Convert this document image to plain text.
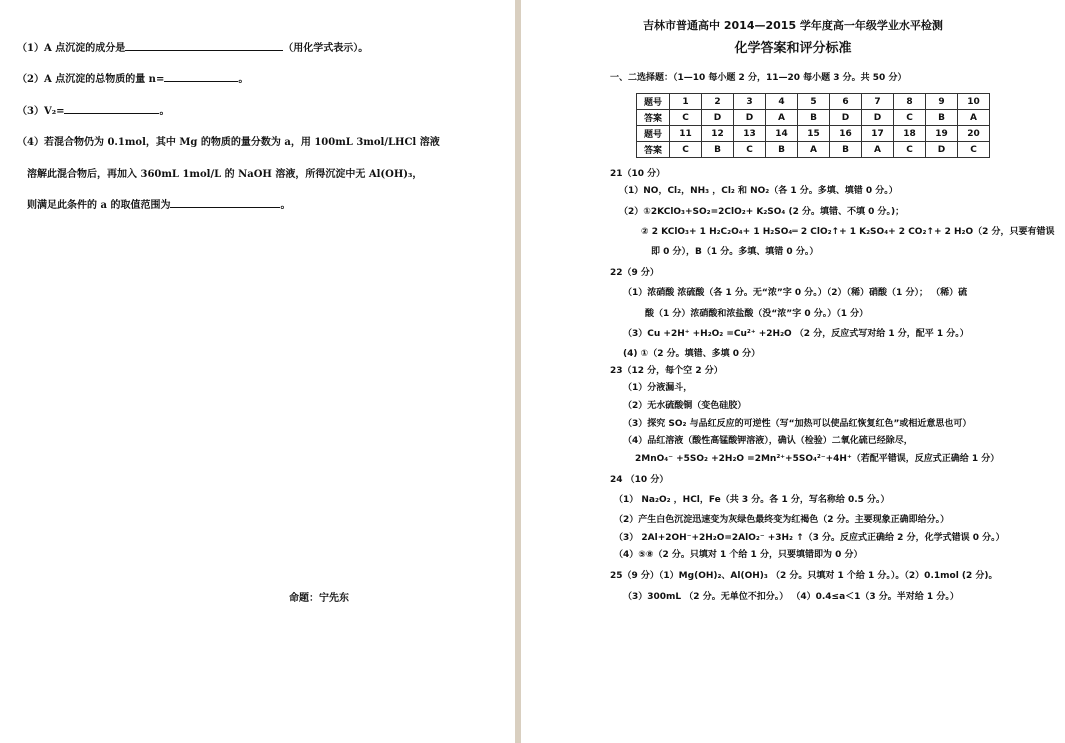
（1）A 点沉淀的成分是	（用化学式表示）。
（2）A 点沉淀的总物质的量 n=	。
（3）V₂=	。
（4）若混合物仍为 0.1mol，其中 Mg 的物质的量分数为 a，用 100mL 3mol/LHCl 溶液
溶解此混合物后，再加入 360mL 1mol/L 的 NaOH 溶液，所得沉淀中无 Al(OH)₃，
则满足此条件的 a 的取值范围为	。
命题：宁先东
吉林市普通高中 2014—2015 学年度高一年级学业水平检测
化学答案和评分标准
一、二选择题：（1—10 每小题 2 分，11—20 每小题 3 分。共 50 分）
题号	1	2	3	4	5	6	7	8	9	10
答案	C	D	D	A	B	D	D	C	B	A
题号	11	12	13	14	15	16	17	18	19	20
答案	C	B	C	B	A	B	A	C	D	C
21（10 分）
（1）NO，Cl₂，NH₃ ，Cl₂ 和 NO₂（各 1 分。多填、填错 0 分。）
（2）①2KClO₃+SO₂=2ClO₂+ K₂SO₄ (2 分。填错、不填 0 分。)；
② 2 KClO₃+ 1 H₂C₂O₄+ 1 H₂SO₄═ 2 ClO₂↑+ 1 K₂SO₄+ 2 CO₂↑+ 2 H₂O（2 分，只要有错误
即 0 分），B（1 分。多填、填错 0 分。）
22（9 分）
（1）浓硝酸 浓硫酸（各 1 分。无“浓”字 0 分。）（2）（稀）硝酸（1 分）； （稀）硫
酸（1 分）浓硝酸和浓盐酸（没“浓”字 0 分。）（1 分）
（3）Cu +2H⁺ +H₂O₂ =Cu²⁺ +2H₂O （2 分，反应式写对给 1 分，配平 1 分。）
(4) ①（2 分。填错、多填 0 分）
23（12 分，每个空 2 分）
（1）分液漏斗，
（2）无水硫酸铜（变色硅胶）
（3）探究 SO₂ 与品红反应的可逆性（写“加热可以使品红恢复红色”或相近意思也可）
（4）品红溶液（酸性高锰酸钾溶液），确认（检验）二氧化硫已经除尽，
2MnO₄⁻ +5SO₂ +2H₂O =2Mn²⁺+5SO₄²⁻+4H⁺（若配平错误，反应式正确给 1 分）
24 （10 分）
（1） Na₂O₂ ，HCl，Fe（共 3 分。各 1 分，写名称给 0.5 分。）
（2）产生白色沉淀迅速变为灰绿色最终变为红褐色（2 分。主要现象正确即给分。）
（3） 2Al+2OH⁻+2H₂O=2AlO₂⁻ +3H₂ ↑（3 分。反应式正确给 2 分，化学式错误 0 分。）
（4）⑤⑧（2 分。只填对 1 个给 1 分，只要填错即为 0 分）
25（9 分）（1）Mg(OH)₂、Al(OH)₃ （2 分。只填对 1 个给 1 分。）。（2）0.1mol (2 分)。
（3）300mL （2 分。无单位不扣分。） （4）0.4≤a＜1（3 分。半对给 1 分。）
